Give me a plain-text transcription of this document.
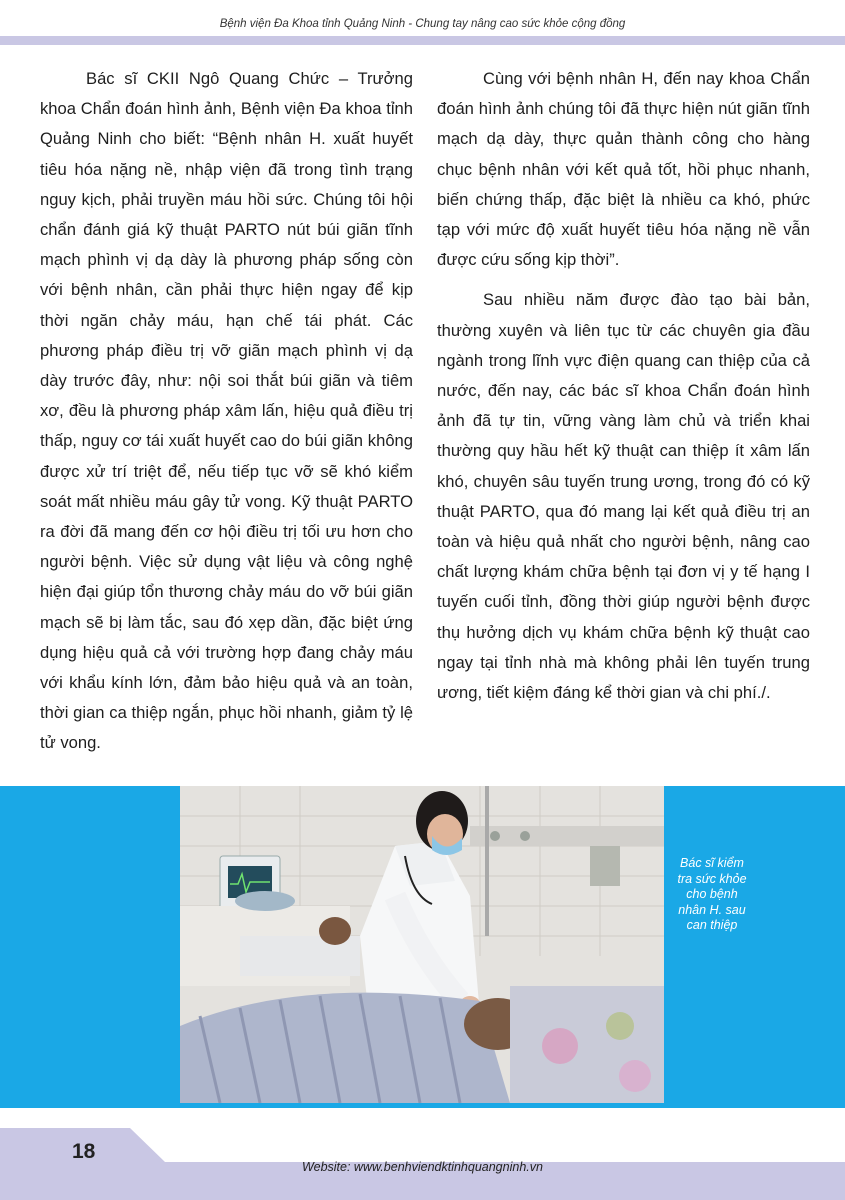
Bệnh viện Đa Khoa tỉnh Quảng Ninh - Chung tay nâng cao sức khỏe cộng đồng

Bác sĩ CKII Ngô Quang Chức – Trưởng khoa Chẩn đoán hình ảnh, Bệnh viện Đa khoa tỉnh Quảng Ninh cho biết: “Bệnh nhân H. xuất huyết tiêu hóa nặng nề, nhập viện đã trong tình trạng nguy kịch, phải truyền máu hồi sức. Chúng tôi hội chẩn đánh giá kỹ thuật PARTO nút búi giãn tĩnh mạch phình vị dạ dày là phương pháp sống còn với bệnh nhân, cần phải thực hiện ngay để kịp thời ngăn chảy máu, hạn chế tái phát. Các phương pháp điều trị vỡ giãn mạch phình vị dạ dày trước đây, như: nội soi thắt búi giãn và tiêm xơ, đều là phương pháp xâm lấn, hiệu quả điều trị thấp, nguy cơ tái xuất huyết cao do búi giãn không được xử trí triệt để, nếu tiếp tục vỡ sẽ khó kiểm soát mất nhiều máu gây tử vong. Kỹ thuật PARTO ra đời đã mang đến cơ hội điều trị tối ưu hơn cho người bệnh. Việc sử dụng vật liệu và công nghệ hiện đại giúp tổn thương chảy máu do vỡ búi giãn mạch sẽ bị làm tắc, sau đó xẹp dần, đặc biệt ứng dụng hiệu quả cả với trường hợp đang chảy máu với khẩu kính lớn, đảm bảo hiệu quả và an toàn, thời gian ca thiệp ngắn, phục hồi nhanh, giảm tỷ lệ tử vong.

Cùng với bệnh nhân H, đến nay khoa Chẩn đoán hình ảnh chúng tôi đã thực hiện nút giãn tĩnh mạch dạ dày, thực quản thành công cho hàng chục bệnh nhân với kết quả tốt, hồi phục nhanh, biến chứng thấp, đặc biệt là nhiều ca khó, phức tạp với mức độ xuất huyết tiêu hóa nặng nề vẫn được cứu sống kịp thời”.

Sau nhiều năm được đào tạo bài bản, thường xuyên và liên tục từ các chuyên gia đầu ngành trong lĩnh vực điện quang can thiệp của cả nước, đến nay, các bác sĩ khoa Chẩn đoán hình ảnh đã tự tin, vững vàng làm chủ và triển khai thường quy hầu hết kỹ thuật can thiệp ít xâm lấn khó, chuyên sâu tuyến trung ương, trong đó có kỹ thuật PARTO, qua đó mang lại kết quả điều trị an toàn và hiệu quả nhất cho người bệnh, nâng cao chất lượng khám chữa bệnh tại đơn vị y tế hạng I tuyến cuối tỉnh, đồng thời giúp người bệnh được thụ hưởng dịch vụ khám chữa bệnh kỹ thuật cao ngay tại tỉnh nhà mà không phải lên tuyến trung ương, tiết kiệm đáng kể thời gian và chi phí./.

Bác sĩ kiểm tra sức khỏe cho bệnh nhân H. sau can thiệp
18
Website: www.benhviendktinhquangninh.vn
